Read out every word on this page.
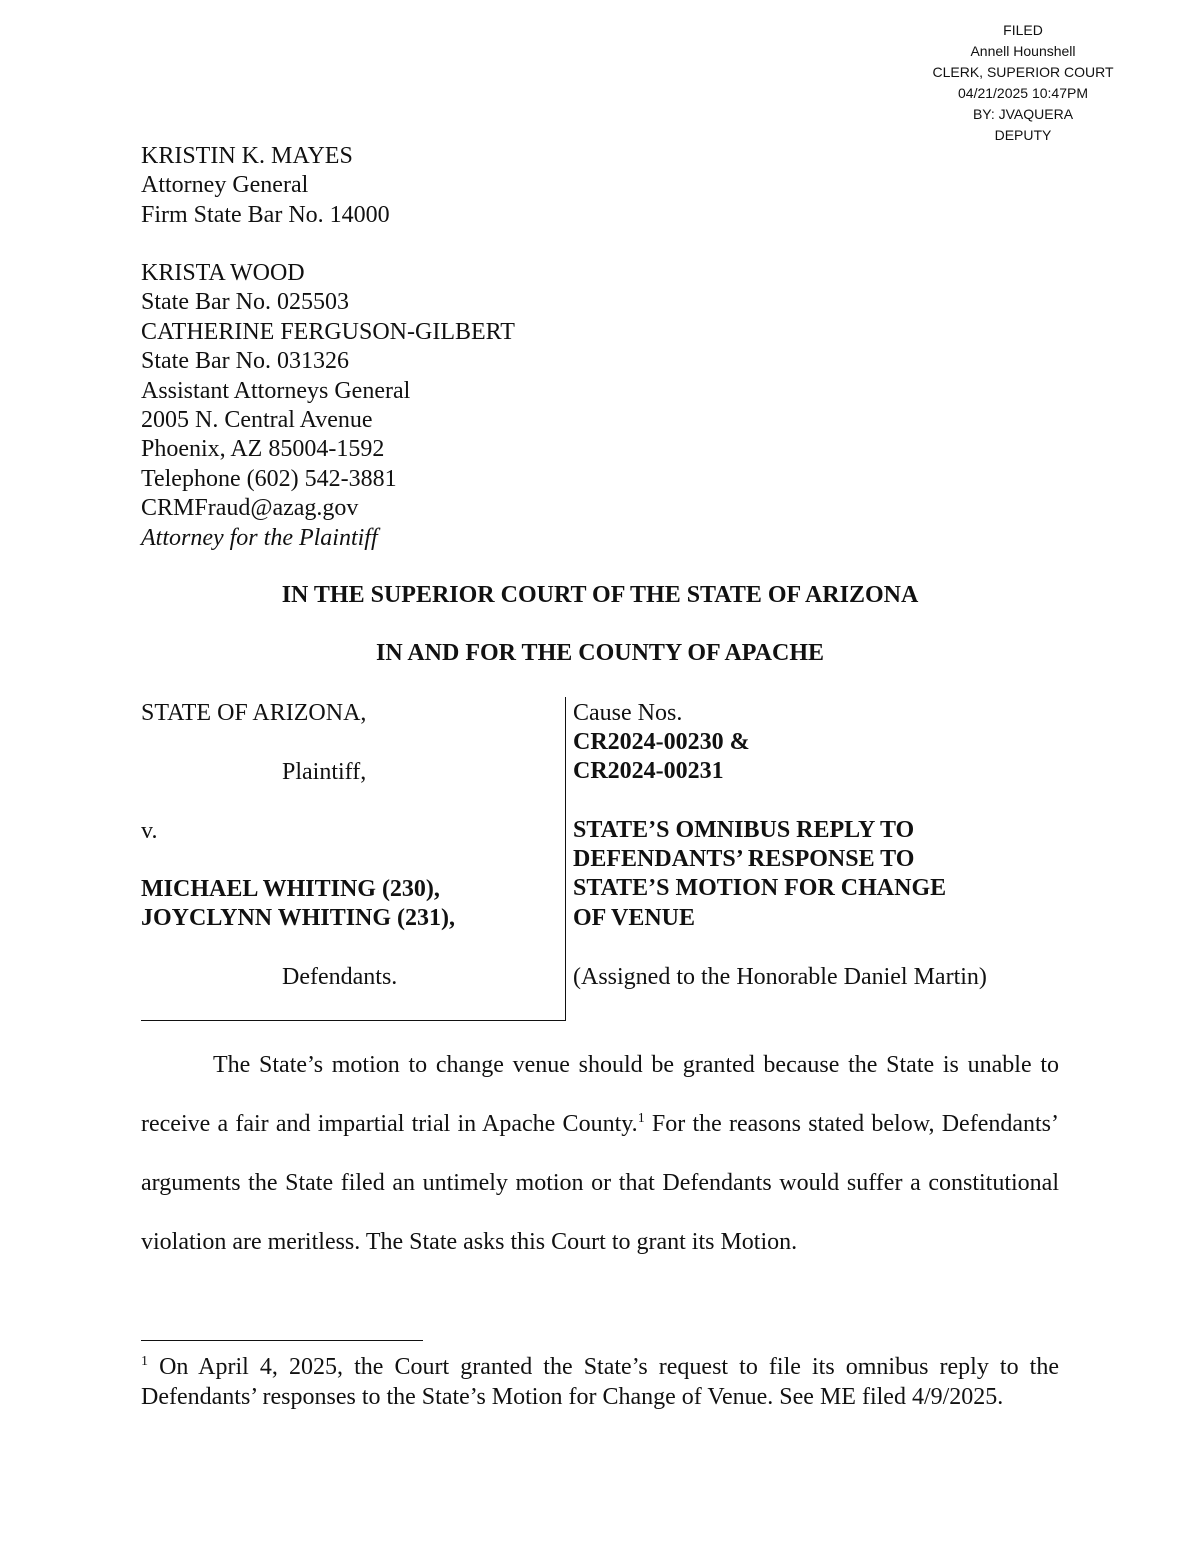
FILED
Annell Hounshell
CLERK, SUPERIOR COURT
04/21/2025 10:47PM
BY: JVAQUERA
DEPUTY
KRISTIN K. MAYES
Attorney General
Firm State Bar No. 14000
KRISTA WOOD
State Bar No. 025503
CATHERINE FERGUSON-GILBERT
State Bar No. 031326
Assistant Attorneys General
2005 N. Central Avenue
Phoenix, AZ 85004-1592
Telephone (602) 542-3881
CRMFraud@azag.gov
Attorney for the Plaintiff
IN THE SUPERIOR COURT OF THE STATE OF ARIZONA
IN AND FOR THE COUNTY OF APACHE
STATE OF ARIZONA,
Plaintiff,
v.
MICHAEL WHITING (230),
JOYCLYNN WHITING (231),
Defendants.
Cause Nos.
CR2024-00230 &
CR2024-00231
STATE’S OMNIBUS REPLY TO
DEFENDANTS’ RESPONSE TO
STATE’S MOTION FOR CHANGE
OF VENUE
(Assigned to the Honorable Daniel Martin)

The State’s motion to change venue should be granted because the State is unable to receive a fair and impartial trial in Apache County.$^1$ For the reasons stated below, Defendants’ arguments the State filed an untimely motion or that Defendants would suffer a constitutional violation are meritless. The State asks this Court to grant its Motion.

$^1$ On April 4, 2025, the Court granted the State’s request to file its omnibus reply to the Defendants’ responses to the State’s Motion for Change of Venue. See ME filed 4/9/2025.
